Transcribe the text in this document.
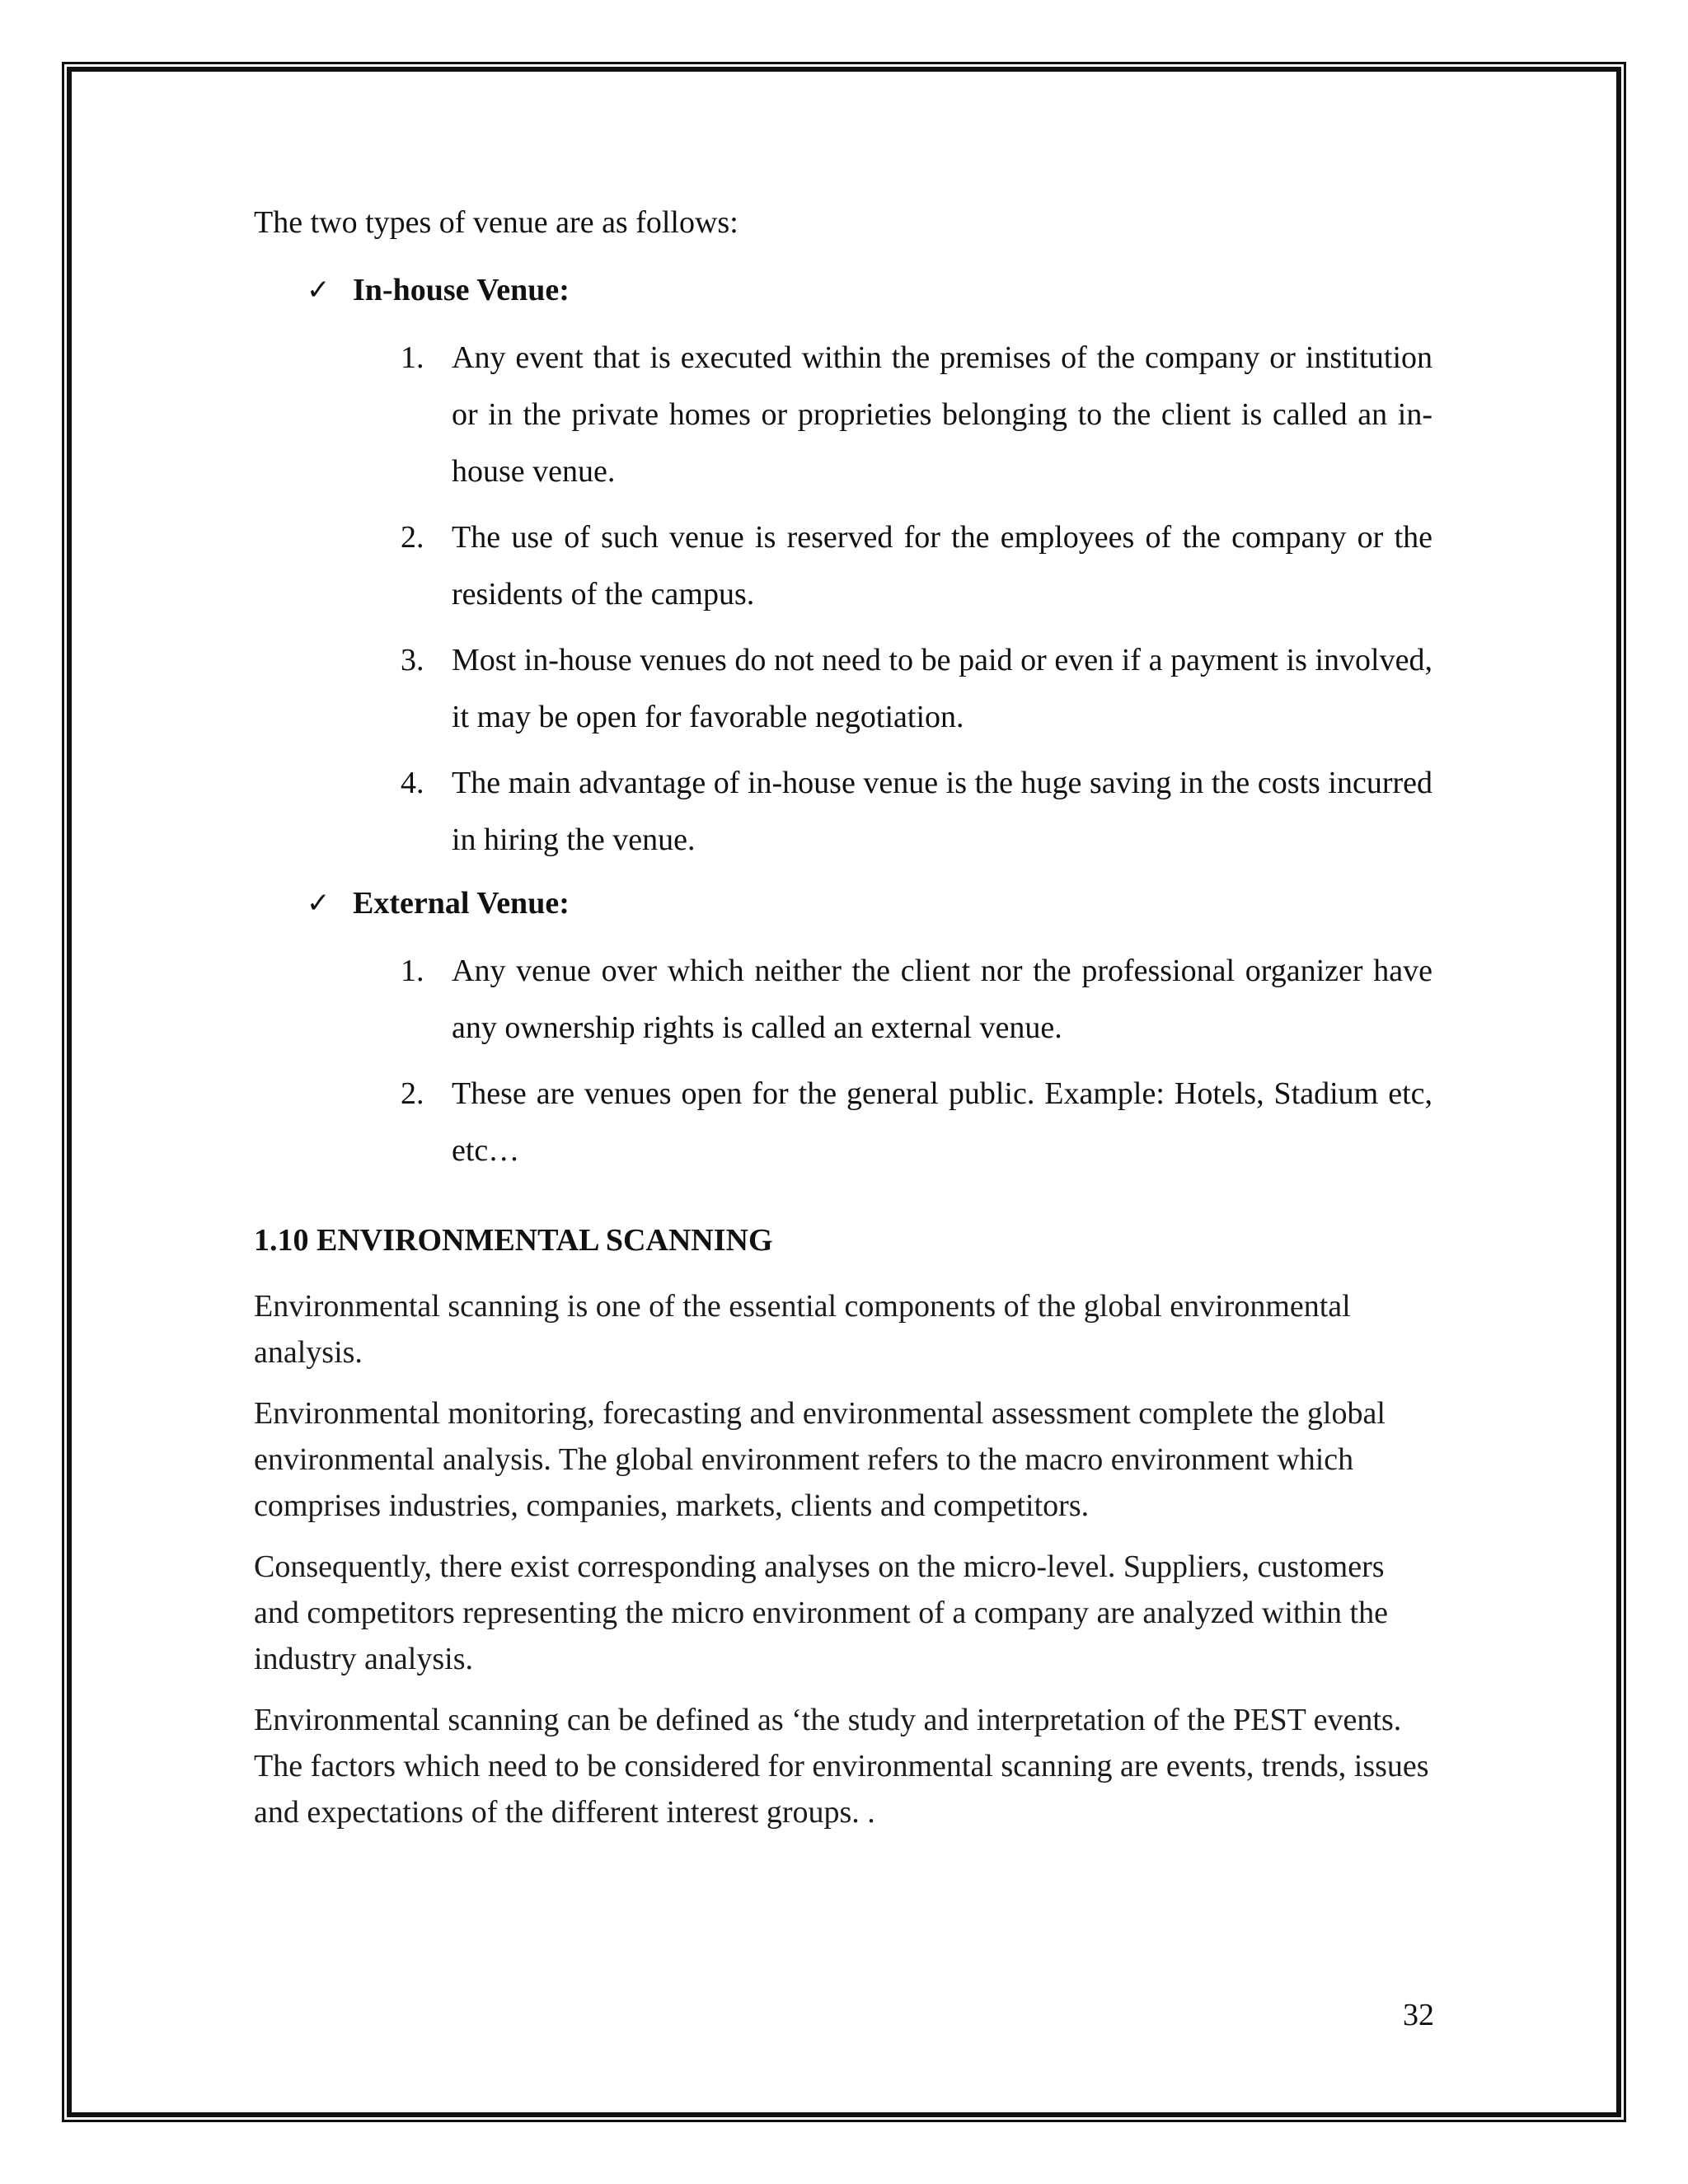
The two types of venue are as follows:

✓ In-house Venue:
1. Any event that is executed within the premises of the company or institution or in the private homes or proprieties belonging to the client is called an in-house venue.
2. The use of such venue is reserved for the employees of the company or the residents of the campus.
3. Most in-house venues do not need to be paid or even if a payment is involved, it may be open for favorable negotiation.
4. The main advantage of in-house venue is the huge saving in the costs incurred in hiring the venue.
✓ External Venue:
1. Any venue over which neither the client nor the professional organizer have any ownership rights is called an external venue.
2. These are venues open for the general public. Example: Hotels, Stadium etc, etc…
1.10 ENVIRONMENTAL SCANNING

Environmental scanning is one of the essential components of the global environmental analysis.

Environmental monitoring, forecasting and environmental assessment complete the global environmental analysis. The global environment refers to the macro environment which comprises industries, companies, markets, clients and competitors.

Consequently, there exist corresponding analyses on the micro-level. Suppliers, customers and competitors representing the micro environment of a company are analyzed within the industry analysis.

Environmental scanning can be defined as ‘the study and interpretation of the PEST events. The factors which need to be considered for environmental scanning are events, trends, issues and expectations of the different interest groups. .

32
